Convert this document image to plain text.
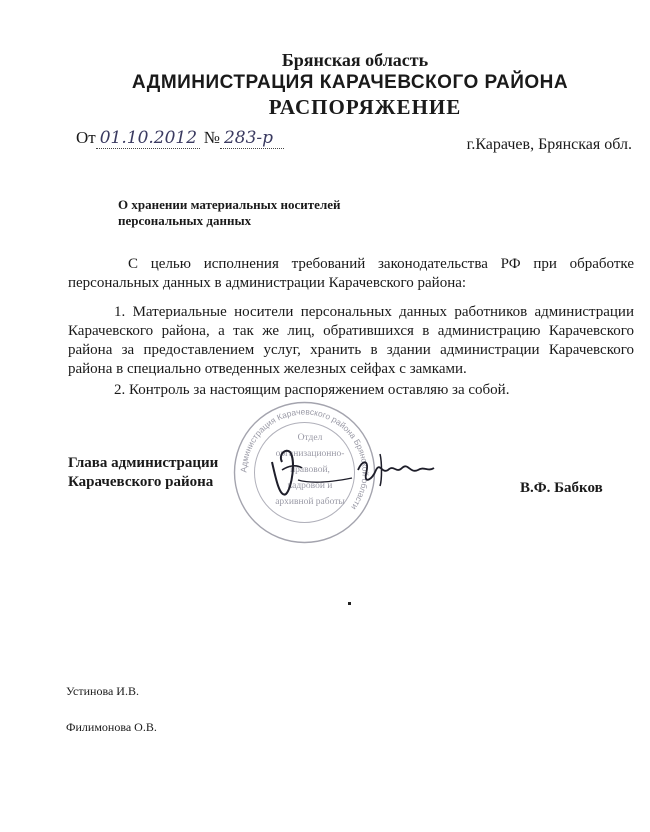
Брянская область
АДМИНИСТРАЦИЯ КАРАЧЕВСКОГО РАЙОНА
РАСПОРЯЖЕНИЕ
От 01.10.2012 № 283-р	г.Карачев, Брянская обл.
О хранении материальных носителей
персональных данных
С целью исполнения требований законодательства РФ при обработке персональных данных в администрации Карачевского района:
1. Материальные носители персональных данных работников администрации Карачевского района, а так же лиц, обратившихся в администрацию Карачевского района за предоставлением услуг, хранить в здании администрации Карачевского района в специально отведенных железных сейфах с замками.
2. Контроль за настоящим распоряжением оставляю за собой.
Администрация Карачевского района Брянской области
Отдел
организационно-
правовой,
кадровой и
архивной работы
Глава администрации
Карачевского района	В.Ф. Бабков
Устинова И.В.
Филимонова О.В.
